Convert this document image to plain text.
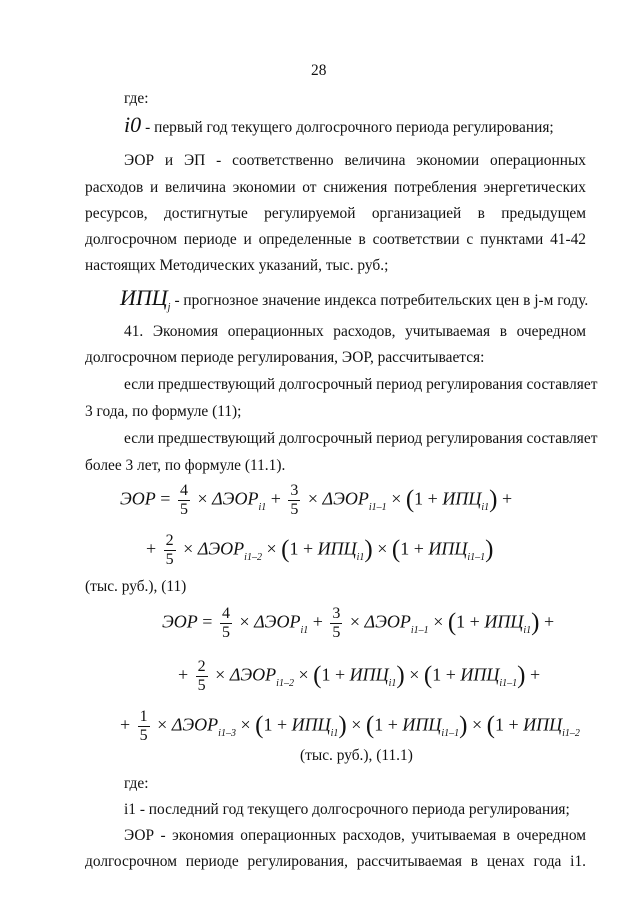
28
где:
i0 - первый год текущего долгосрочного периода регулирования;
ЭОР и ЭП - соответственно величина экономии операционных
расходов и величина экономии от снижения потребления энергетических
ресурсов, достигнутые регулируемой организацией в предыдущем
долгосрочном периоде и определенные в соответствии с пунктами 41-42
настоящих Методических указаний, тыс. руб.;
$ИПЦ_j$ - прогнозное значение индекса потребительских цен в j-м году.
41. Экономия операционных расходов, учитываемая в очередном
долгосрочном периоде регулирования, ЭОР, рассчитывается:
если предшествующий долгосрочный период регулирования составляет
3 года, по формуле (11);
если предшествующий долгосрочный период регулирования составляет
более 3 лет, по формуле (11.1).
ЭОР = $\frac{4}{5} \times \Delta ЭОР_{i1} + \frac{3}{5} \times \Delta ЭОР_{i1-1} \times (1 + ИПЦ_{i1})$ +
+ $\frac{2}{5} \times \Delta ЭОР_{i1-2} \times (1 + ИПЦ_{i1}) \times (1 + ИПЦ_{i1-1})$
(тыс. руб.), (11)
ЭОР = $\frac{4}{5} \times \Delta ЭОР_{i1} + \frac{3}{5} \times \Delta ЭОР_{i1-1} \times (1 + ИПЦ_{i1})$ +
+ $\frac{2}{5} \times \Delta ЭОР_{i1-2} \times (1 + ИПЦ_{i1}) \times (1 + ИПЦ_{i1-1})$ +
+ $\frac{1}{5} \times \Delta ЭОР_{i1-3} \times (1 + ИПЦ_{i1}) \times (1 + ИПЦ_{i1-1}) \times (1 + ИПЦ_{i1-2}$
(тыс. руб.), (11.1)
где:
i1 - последний год текущего долгосрочного периода регулирования;
ЭОР - экономия операционных расходов, учитываемая в очередном
долгосрочном периоде регулирования, рассчитываемая в ценах года i1.
